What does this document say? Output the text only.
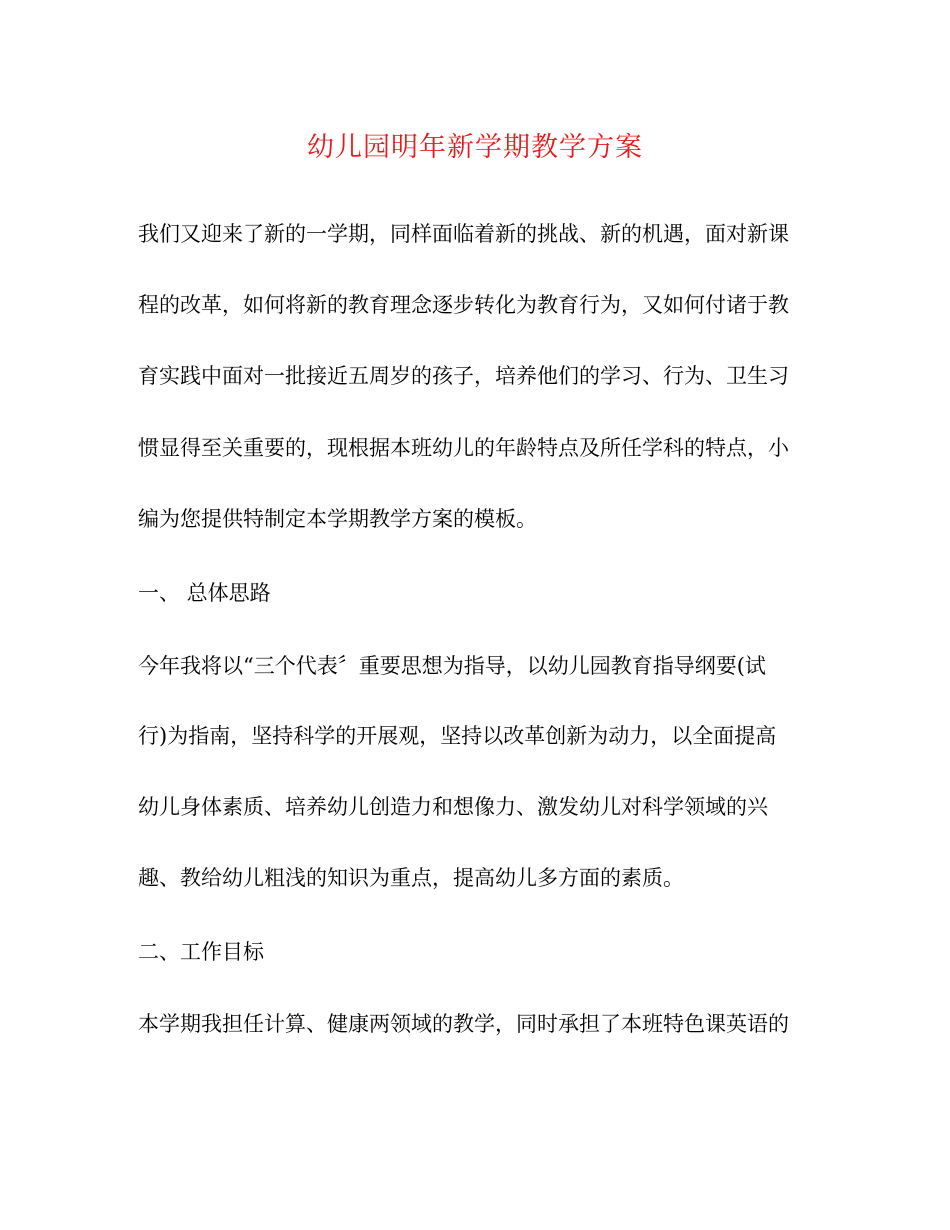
幼儿园明年新学期教学方案
我们又迎来了新的一学期，同样面临着新的挑战、新的机遇，面对新课
程的改革，如何将新的教育理念逐步转化为教育行为，又如何付诸于教
育实践中面对一批接近五周岁的孩子，培养他们的学习、行为、卫生习
惯显得至关重要的，现根据本班幼儿的年龄特点及所任学科的特点，小
编为您提供特制定本学期教学方案的模板。
一、 总体思路
今年我将以“三个代表〞重要思想为指导，以幼儿园教育指导纲要(试
行)为指南，坚持科学的开展观，坚持以改革创新为动力，以全面提高
幼儿身体素质、培养幼儿创造力和想像力、激发幼儿对科学领域的兴
趣、教给幼儿粗浅的知识为重点，提高幼儿多方面的素质。
二、工作目标
本学期我担任计算、健康两领域的教学，同时承担了本班特色课英语的
